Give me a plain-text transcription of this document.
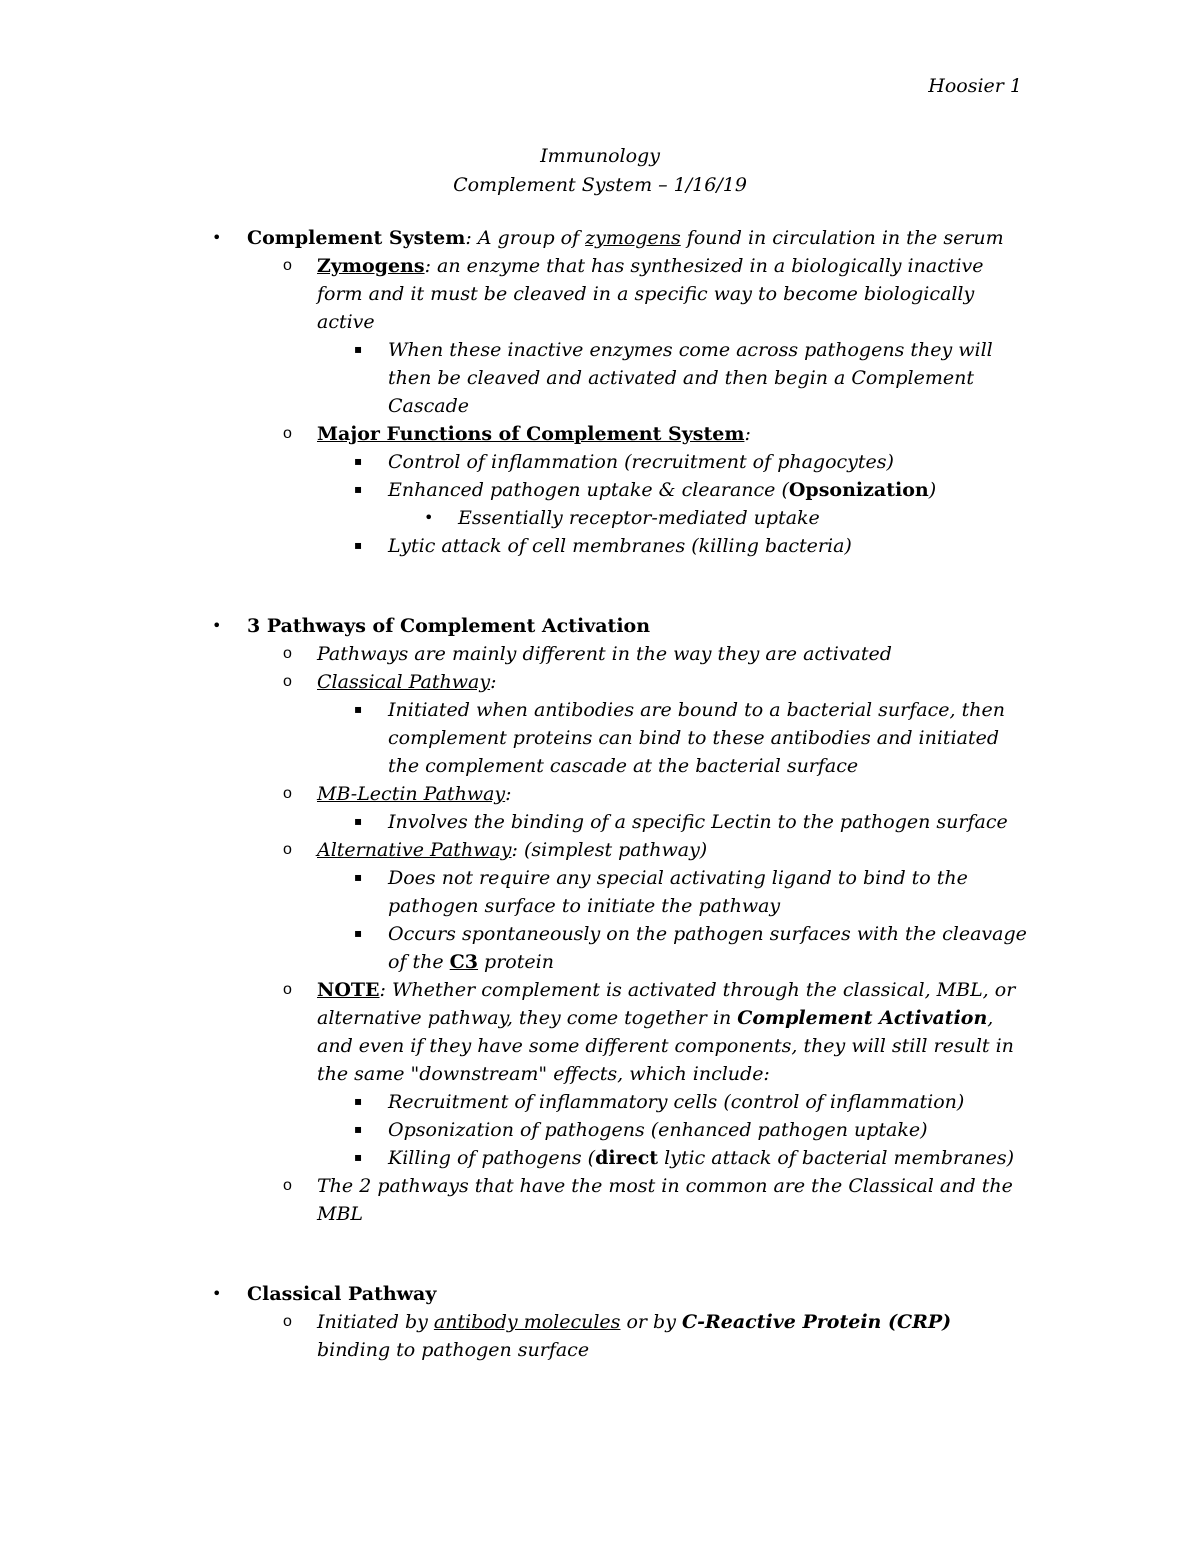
Hoosier 1
Immunology
Complement System – 1/16/19
• Complement System: A group of zymogens found in circulation in the serum
o Zymogens: an enzyme that has synthesized in a biologically inactive form and it must be cleaved in a specific way to become biologically active
▪ When these inactive enzymes come across pathogens they will then be cleaved and activated and then begin a Complement Cascade
o Major Functions of Complement System:
▪ Control of inflammation (recruitment of phagocytes)
▪ Enhanced pathogen uptake & clearance (Opsonization)
• Essentially receptor-mediated uptake
▪ Lytic attack of cell membranes (killing bacteria)
• 3 Pathways of Complement Activation
o Pathways are mainly different in the way they are activated
o Classical Pathway:
▪ Initiated when antibodies are bound to a bacterial surface, then complement proteins can bind to these antibodies and initiated the complement cascade at the bacterial surface
o MB-Lectin Pathway:
▪ Involves the binding of a specific Lectin to the pathogen surface
o Alternative Pathway: (simplest pathway)
▪ Does not require any special activating ligand to bind to the pathogen surface to initiate the pathway
▪ Occurs spontaneously on the pathogen surfaces with the cleavage of the C3 protein
o NOTE: Whether complement is activated through the classical, MBL, or alternative pathway, they come together in Complement Activation, and even if they have some different components, they will still result in the same "downstream" effects, which include:
▪ Recruitment of inflammatory cells (control of inflammation)
▪ Opsonization of pathogens (enhanced pathogen uptake)
▪ Killing of pathogens (direct lytic attack of bacterial membranes)
o The 2 pathways that have the most in common are the Classical and the MBL
• Classical Pathway
o Initiated by antibody molecules or by C-Reactive Protein (CRP) binding to pathogen surface
